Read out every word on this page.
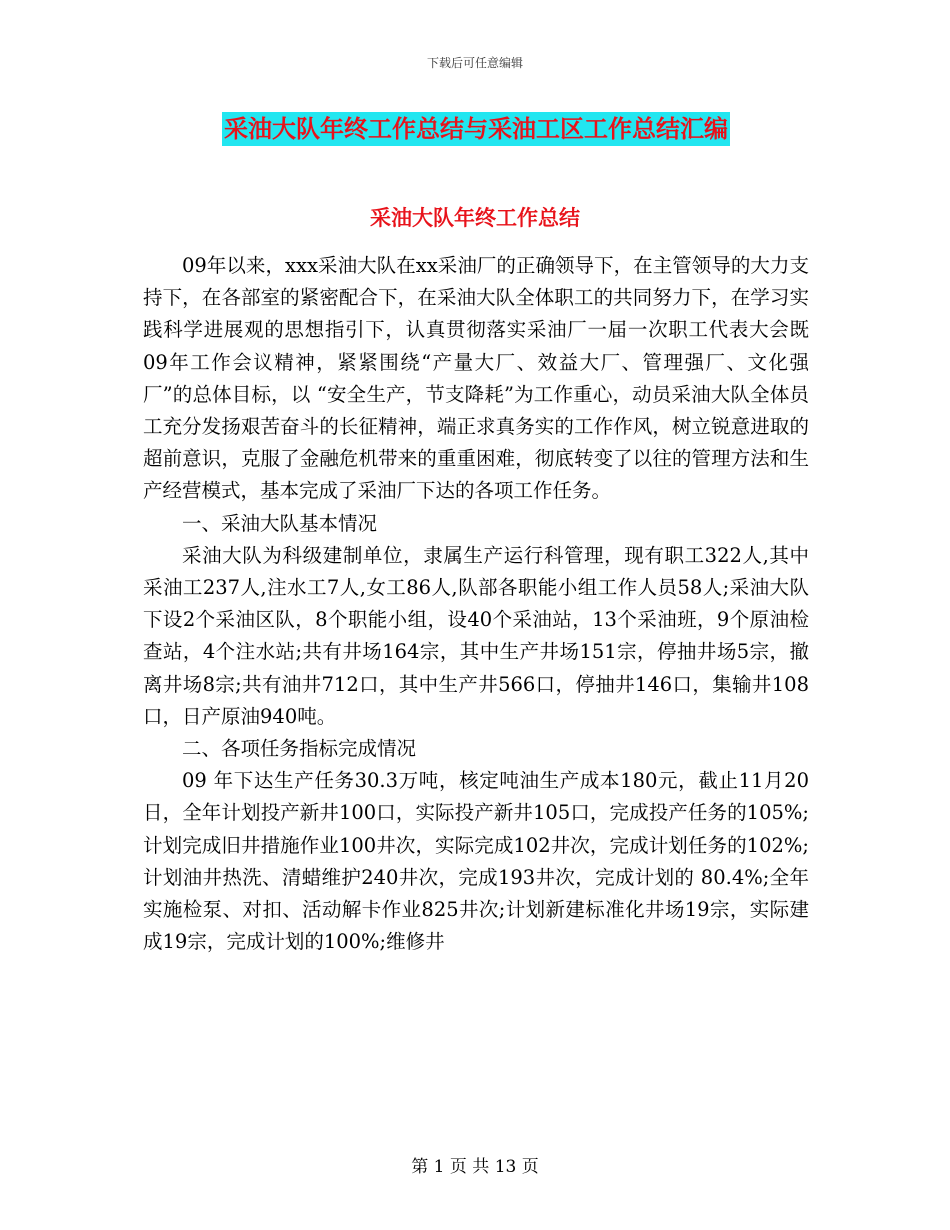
下载后可任意编辑
采油大队年终工作总结与采油工区工作总结汇编
采油大队年终工作总结

09年以来，xxx采油大队在xx采油厂的正确领导下，在主管领导的大力支持下，在各部室的紧密配合下，在采油大队全体职工的共同努力下，在学习实践科学进展观的思想指引下，认真贯彻落实采油厂一届一次职工代表大会既09年工作会议精神，紧紧围绕“产量大厂、效益大厂、管理强厂、文化强厂”的总体目标，以 “安全生产，节支降耗”为工作重心，动员采油大队全体员工充分发扬艰苦奋斗的长征精神，端正求真务实的工作作风，树立锐意进取的超前意识，克服了金融危机带来的重重困难，彻底转变了以往的管理方法和生产经营模式，基本完成了采油厂下达的各项工作任务。

一、采油大队基本情况

采油大队为科级建制单位，隶属生产运行科管理，现有职工322人,其中采油工237人,注水工7人,女工86人,队部各职能小组工作人员58人;采油大队下设2个采油区队，8个职能小组，设40个采油站，13个采油班，9个原油检查站，4个注水站;共有井场164宗，其中生产井场151宗，停抽井场5宗，撤离井场8宗;共有油井712口，其中生产井566口，停抽井146口，集输井108口，日产原油940吨。

二、各项任务指标完成情况

09 年下达生产任务30.3万吨，核定吨油生产成本180元，截止11月20日，全年计划投产新井100口，实际投产新井105口，完成投产任务的105%;计划完成旧井措施作业100井次，实际完成102井次，完成计划任务的102%;计划油井热洗、清蜡维护240井次，完成193井次，完成计划的 80.4%;全年实施检泵、对扣、活动解卡作业825井次;计划新建标准化井场19宗，实际建成19宗，完成计划的100%;维修井

第 1 页 共 13 页
